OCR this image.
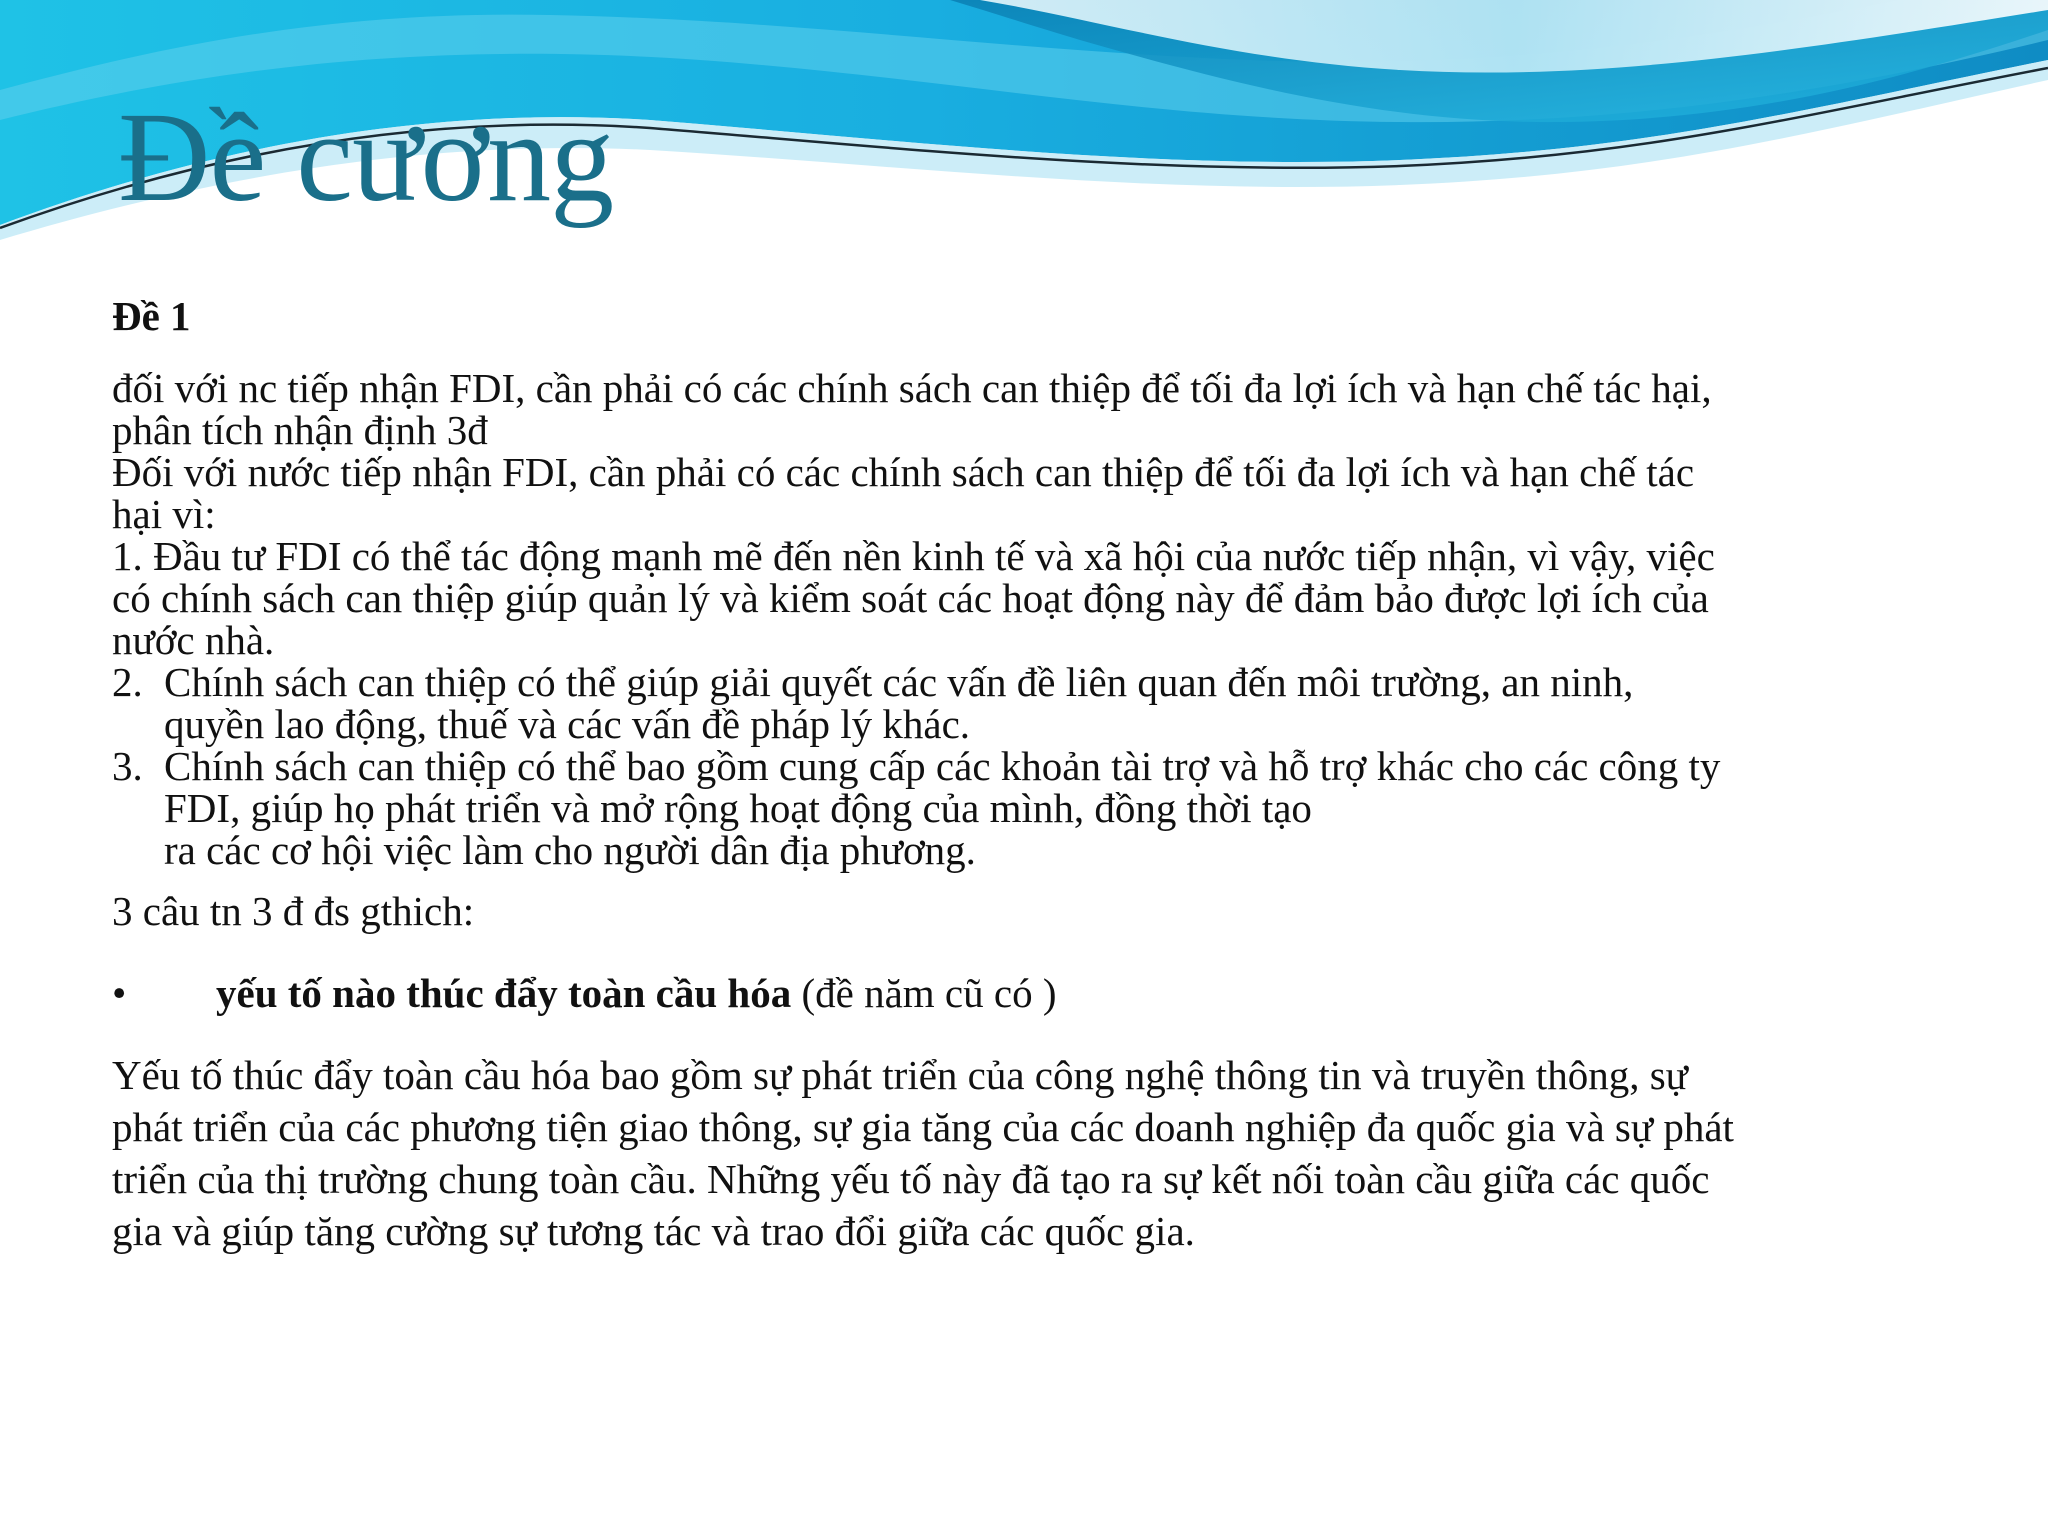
Đề cương
Đề 1
đối với nc tiếp nhận FDI, cần phải có các chính sách can thiệp để tối đa lợi ích và hạn chế tác hại,
phân tích nhận định 3đ
Đối với nước tiếp nhận FDI, cần phải có các chính sách can thiệp để tối đa lợi ích và hạn chế tác
hại vì:
1. Đầu tư FDI có thể tác động mạnh mẽ đến nền kinh tế và xã hội của nước tiếp nhận, vì vậy, việc
có chính sách can thiệp giúp quản lý và kiểm soát các hoạt động này để đảm bảo được lợi ích của
nước nhà.
2. Chính sách can thiệp có thể giúp giải quyết các vấn đề liên quan đến môi trường, an ninh,
quyền lao động, thuế và các vấn đề pháp lý khác.
3. Chính sách can thiệp có thể bao gồm cung cấp các khoản tài trợ và hỗ trợ khác cho các công ty
FDI, giúp họ phát triển và mở rộng hoạt động của mình, đồng thời tạo
ra các cơ hội việc làm cho người dân địa phương.
3 câu tn 3 đ đs gthich:
•	yếu tố nào thúc đẩy toàn cầu hóa (đề năm cũ có )
Yếu tố thúc đẩy toàn cầu hóa bao gồm sự phát triển của công nghệ thông tin và truyền thông, sự
phát triển của các phương tiện giao thông, sự gia tăng của các doanh nghiệp đa quốc gia và sự phát
triển của thị trường chung toàn cầu. Những yếu tố này đã tạo ra sự kết nối toàn cầu giữa các quốc
gia và giúp tăng cường sự tương tác và trao đổi giữa các quốc gia.
